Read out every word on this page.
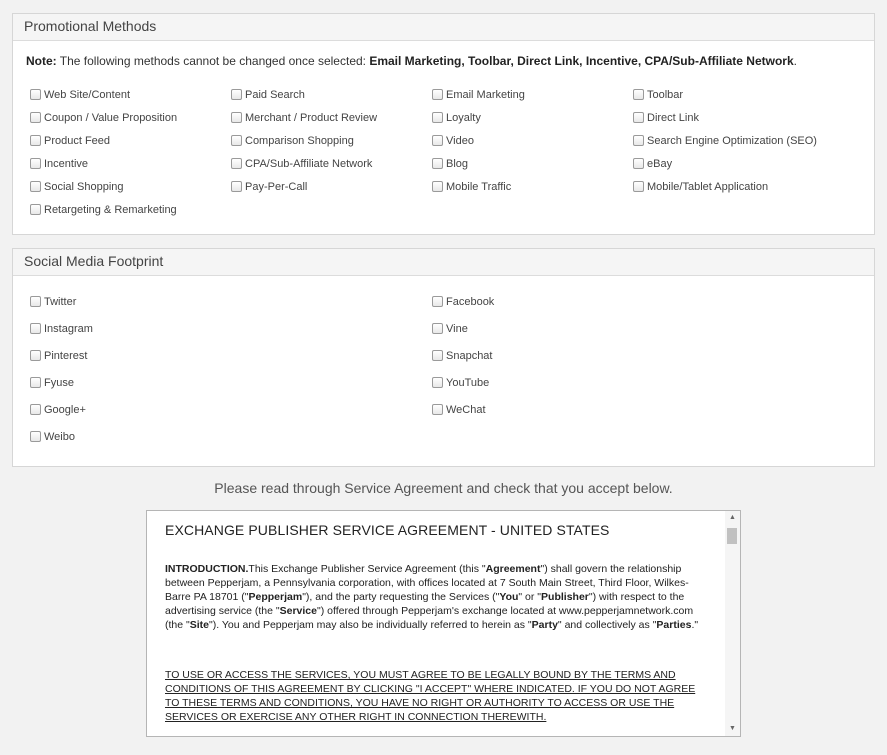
Promotional Methods
Note: The following methods cannot be changed once selected: Email Marketing, Toolbar, Direct Link, Incentive, CPA/Sub-Affiliate Network.
Web Site/Content
Coupon / Value Proposition
Product Feed
Incentive
Social Shopping
Retargeting & Remarketing
Paid Search
Merchant / Product Review
Comparison Shopping
CPA/Sub-Affiliate Network
Pay-Per-Call
Email Marketing
Loyalty
Video
Blog
Mobile Traffic
Toolbar
Direct Link
Search Engine Optimization (SEO)
eBay
Mobile/Tablet Application
Social Media Footprint
Twitter
Instagram
Pinterest
Fyuse
Google+
Weibo
Facebook
Vine
Snapchat
YouTube
WeChat
Please read through Service Agreement and check that you accept below.
EXCHANGE PUBLISHER SERVICE AGREEMENT - UNITED STATES
INTRODUCTION.This Exchange Publisher Service Agreement (this "Agreement") shall govern the relationship between Pepperjam, a Pennsylvania corporation, with offices located at 7 South Main Street, Third Floor, Wilkes-Barre PA 18701 ("Pepperjam"), and the party requesting the Services ("You" or "Publisher") with respect to the advertising service (the "Service") offered through Pepperjam's exchange located at www.pepperjamnetwork.com (the "Site"). You and Pepperjam may also be individually referred to herein as "Party" and collectively as "Parties."
TO USE OR ACCESS THE SERVICES, YOU MUST AGREE TO BE LEGALLY BOUND BY THE TERMS AND CONDITIONS OF THIS AGREEMENT BY CLICKING "I ACCEPT" WHERE INDICATED. IF YOU DO NOT AGREE TO THESE TERMS AND CONDITIONS, YOU HAVE NO RIGHT OR AUTHORITY TO ACCESS OR USE THE SERVICES OR EXERCISE ANY OTHER RIGHT IN CONNECTION THEREWITH.
▲
▼
